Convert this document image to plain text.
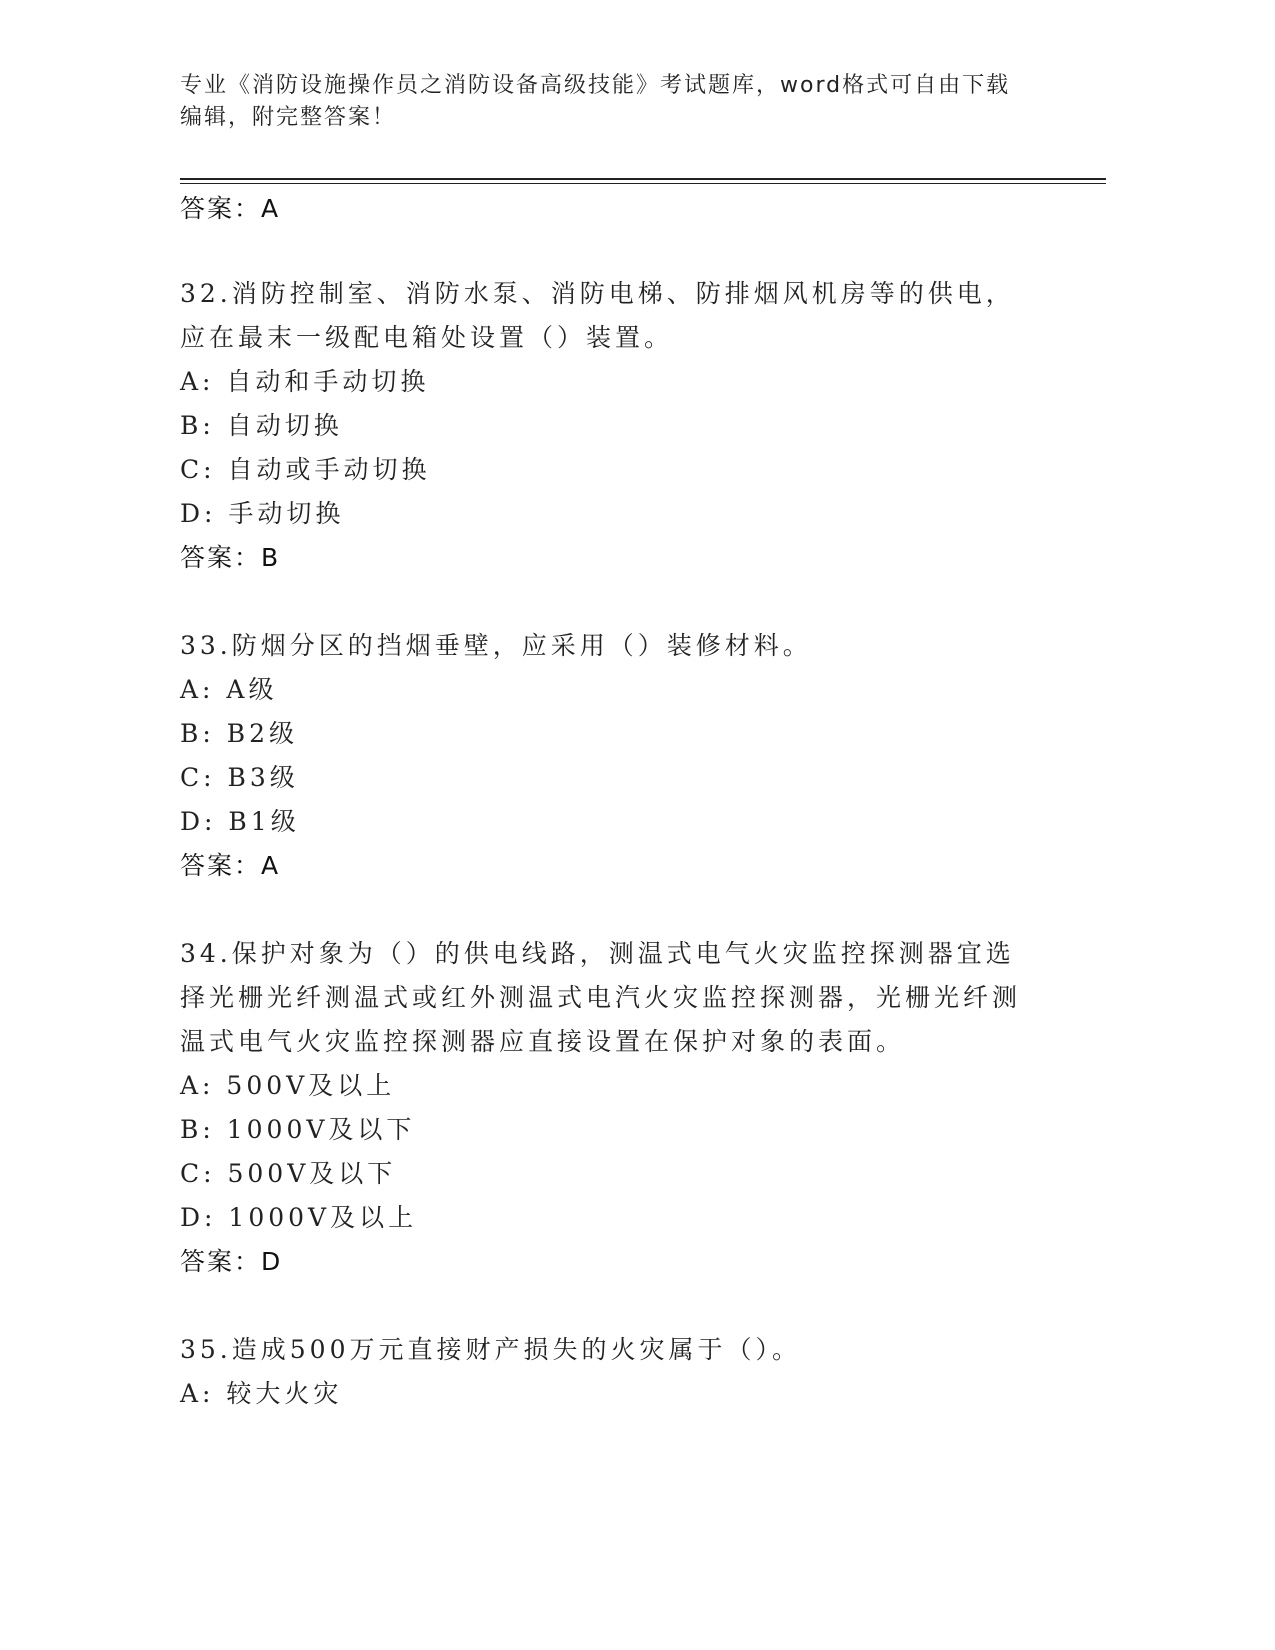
专业《消防设施操作员之消防设备高级技能》考试题库，word格式可自由下载编辑，附完整答案！
答案：A
32.消防控制室、消防水泵、消防电梯、防排烟风机房等的供电，应在最末一级配电箱处设置（）装置。
A: 自动和手动切换
B: 自动切换
C: 自动或手动切换
D: 手动切换
答案：B
33.防烟分区的挡烟垂壁，应采用（）装修材料。
A: A级
B: B2级
C: B3级
D: B1级
答案：A
34.保护对象为（）的供电线路，测温式电气火灾监控探测器宜选择光栅光纤测温式或红外测温式电汽火灾监控探测器，光栅光纤测温式电气火灾监控探测器应直接设置在保护对象的表面。
A: 500V及以上
B: 1000V及以下
C: 500V及以下
D: 1000V及以上
答案：D
35.造成500万元直接财产损失的火灾属于（）。
A: 较大火灾
